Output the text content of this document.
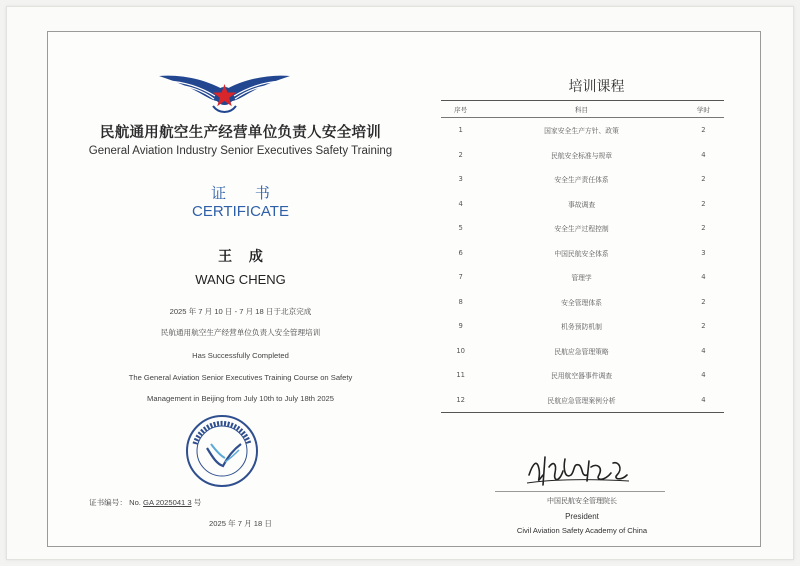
民航通用航空生产经营单位负责人安全培训
General Aviation Industry Senior Executives Safety Training
证 书
CERTIFICATE
王 成
WANG CHENG
2025 年 7 月 10 日 - 7 月 18 日于北京完成
民航通用航空生产经营单位负责人安全管理培训
Has Successfully Completed
The General Aviation Senior Executives Training Course on Safety
Management in Beijing from July 10th to July 18th 2025
证书编号： No. GA 2025041 3 号
2025 年 7 月 18 日
培训课程
序号	科目	学时
1	国家安全生产方针、政策	2
2	民航安全标准与规章	4
3	安全生产责任体系	2
4	事故调查	2
5	安全生产过程控制	2
6	中国民航安全体系	3
7	管理学	4
8	安全管理体系	2
9	机务预防机制	2
10	民航应急管理策略	4
11	民用航空器事件调查	4
12	民航应急管理案例分析	4
中国民航安全管理院长
President
Civil Aviation Safety Academy of China
